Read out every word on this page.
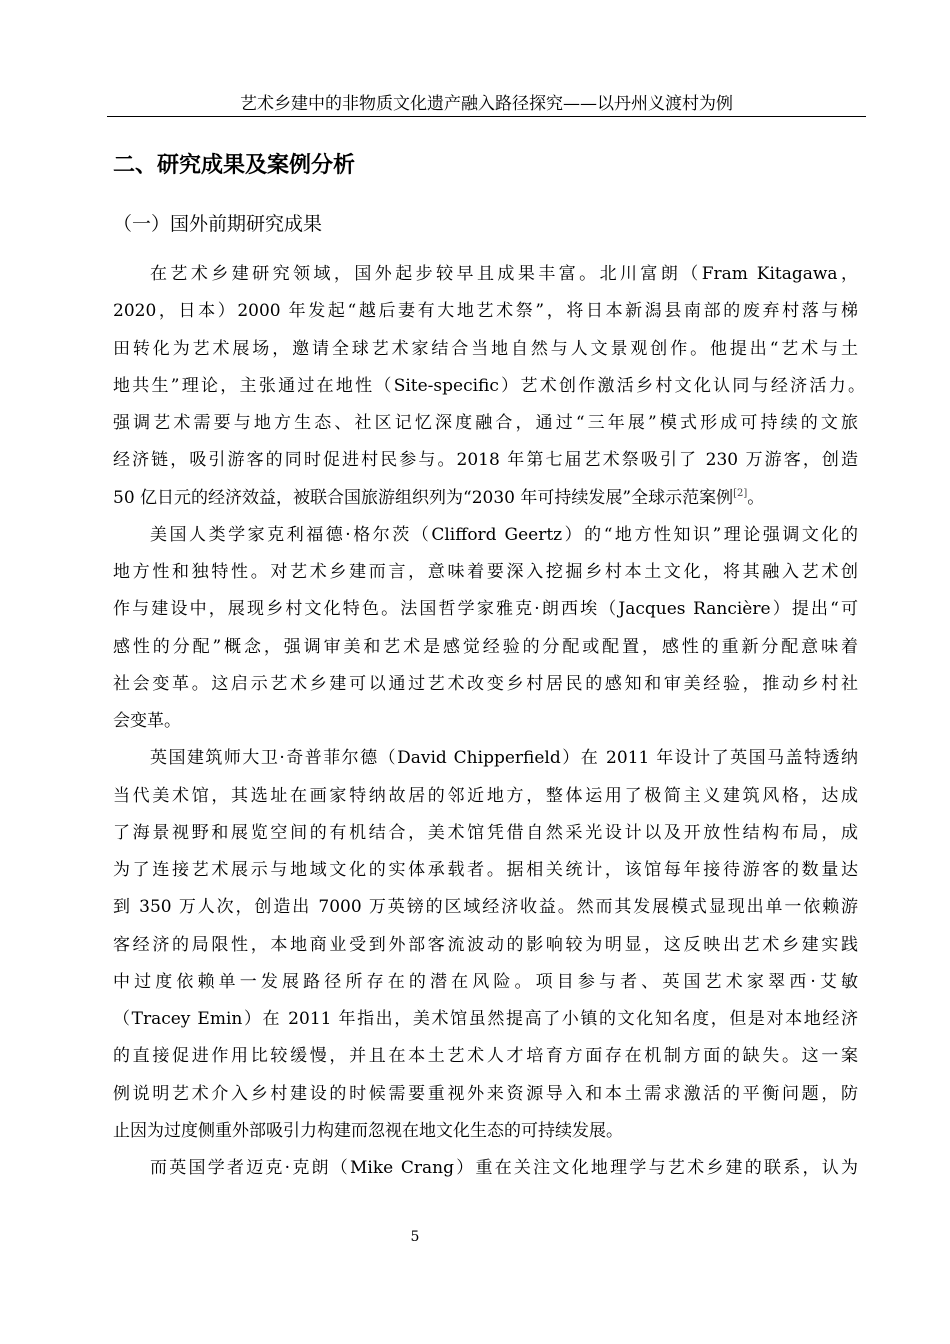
艺术乡建中的非物质文化遗产融入路径探究——以丹州义渡村为例
二、研究成果及案例分析
（一）国外前期研究成果
在艺术乡建研究领域，国外起步较早且成果丰富。北川富朗（Fram Kitagawa，
2020，日本）2000 年发起“越后妻有大地艺术祭”，将日本新潟县南部的废弃村落与梯
田转化为艺术展场，邀请全球艺术家结合当地自然与人文景观创作。他提出“艺术与土
地共生”理论，主张通过在地性（Site-specific）艺术创作激活乡村文化认同与经济活力。
强调艺术需要与地方生态、社区记忆深度融合，通过“三年展”模式形成可持续的文旅
经济链，吸引游客的同时促进村民参与。2018 年第七届艺术祭吸引了 230 万游客，创造
50 亿日元的经济效益，被联合国旅游组织列为“2030 年可持续发展”全球示范案例[2]。
美国人类学家克利福德·格尔茨（Clifford Geertz）的“地方性知识”理论强调文化的
地方性和独特性。对艺术乡建而言，意味着要深入挖掘乡村本土文化，将其融入艺术创
作与建设中，展现乡村文化特色。法国哲学家雅克·朗西埃（Jacques Rancière）提出“可
感性的分配”概念，强调审美和艺术是感觉经验的分配或配置，感性的重新分配意味着
社会变革。这启示艺术乡建可以通过艺术改变乡村居民的感知和审美经验，推动乡村社
会变革。
英国建筑师大卫·奇普菲尔德（David Chipperfield）在 2011 年设计了英国马盖特透纳
当代美术馆，其选址在画家特纳故居的邻近地方，整体运用了极简主义建筑风格，达成
了海景视野和展览空间的有机结合，美术馆凭借自然采光设计以及开放性结构布局，成
为了连接艺术展示与地域文化的实体承载者。据相关统计，该馆每年接待游客的数量达
到 350 万人次，创造出 7000 万英镑的区域经济收益。然而其发展模式显现出单一依赖游
客经济的局限性，本地商业受到外部客流波动的影响较为明显，这反映出艺术乡建实践
中过度依赖单一发展路径所存在的潜在风险。项目参与者、英国艺术家翠西·艾敏
（Tracey Emin）在 2011 年指出，美术馆虽然提高了小镇的文化知名度，但是对本地经济
的直接促进作用比较缓慢，并且在本土艺术人才培育方面存在机制方面的缺失。这一案
例说明艺术介入乡村建设的时候需要重视外来资源导入和本土需求激活的平衡问题，防
止因为过度侧重外部吸引力构建而忽视在地文化生态的可持续发展。
而英国学者迈克·克朗（Mike Crang）重在关注文化地理学与艺术乡建的联系，认为
5
